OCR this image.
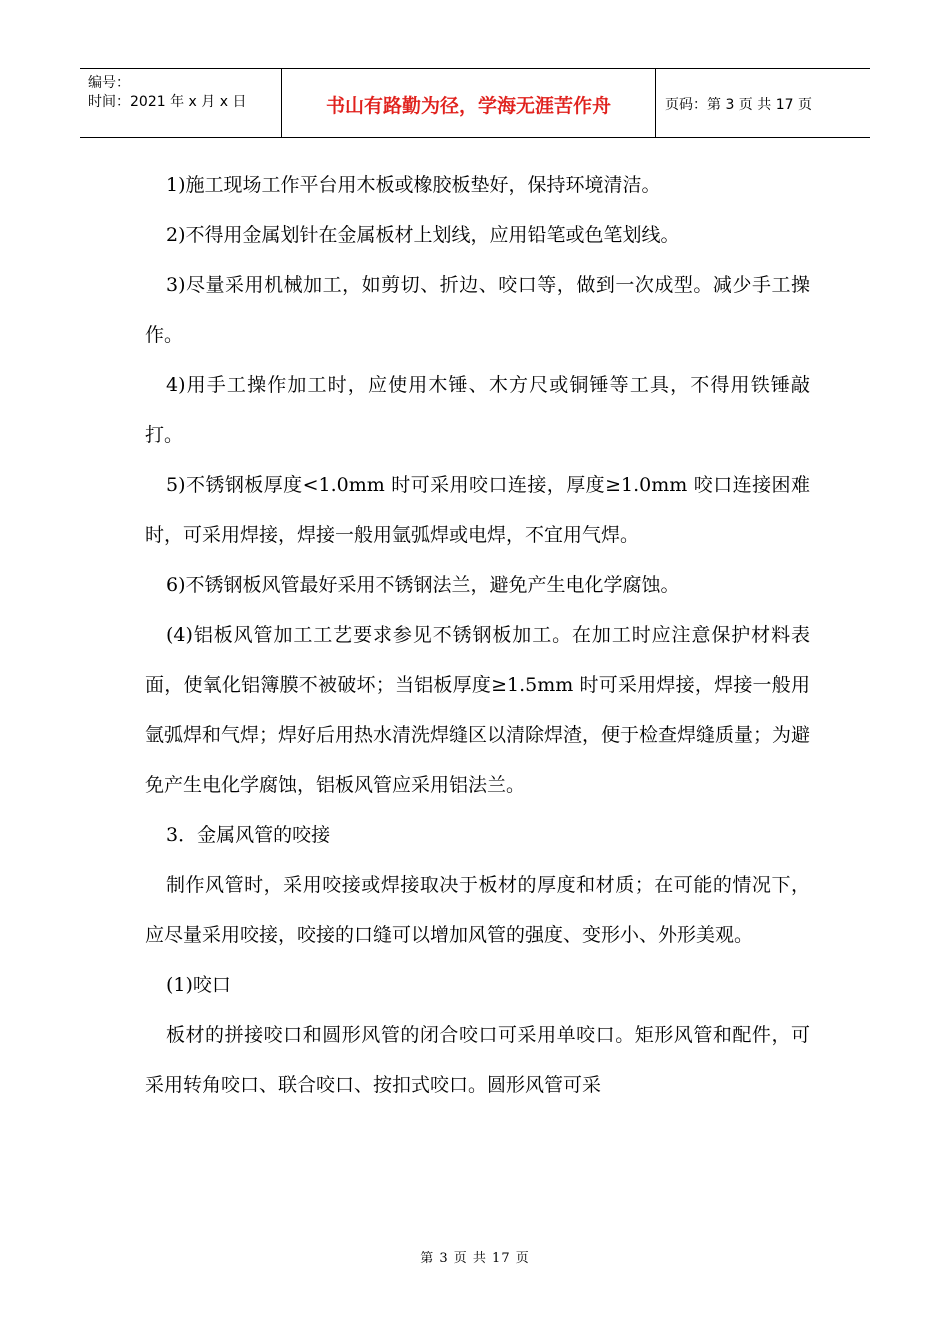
编号：
时间：2021 年 x 月 x 日	书山有路勤为径，学海无涯苦作舟	页码：第 3 页 共 17 页

1)施工现场工作平台用木板或橡胶板垫好，保持环境清洁。

2)不得用金属划针在金属板材上划线，应用铅笔或色笔划线。

3)尽量采用机械加工，如剪切、折边、咬口等，做到一次成型。减少手工操作。

4)用手工操作加工时，应使用木锤、木方尺或铜锤等工具，不得用铁锤敲打。

5)不锈钢板厚度<1.0mm 时可采用咬口连接，厚度≥1.0mm 咬口连接困难时，可采用焊接，焊接一般用氩弧焊或电焊，不宜用气焊。

6)不锈钢板风管最好采用不锈钢法兰，避免产生电化学腐蚀。

(4)铝板风管加工工艺要求参见不锈钢板加工。在加工时应注意保护材料表面，使氧化铝簿膜不被破坏；当铝板厚度≥1.5mm 时可采用焊接，焊接一般用氩弧焊和气焊；焊好后用热水清洗焊缝区以清除焊渣，便于检查焊缝质量；为避免产生电化学腐蚀，铝板风管应采用铝法兰。

3．金属风管的咬接

制作风管时，采用咬接或焊接取决于板材的厚度和材质；在可能的情况下，应尽量采用咬接，咬接的口缝可以增加风管的强度、变形小、外形美观。

(1)咬口

板材的拼接咬口和圆形风管的闭合咬口可采用单咬口。矩形风管和配件，可采用转角咬口、联合咬口、按扣式咬口。圆形风管可采

第 3 页 共 17 页
